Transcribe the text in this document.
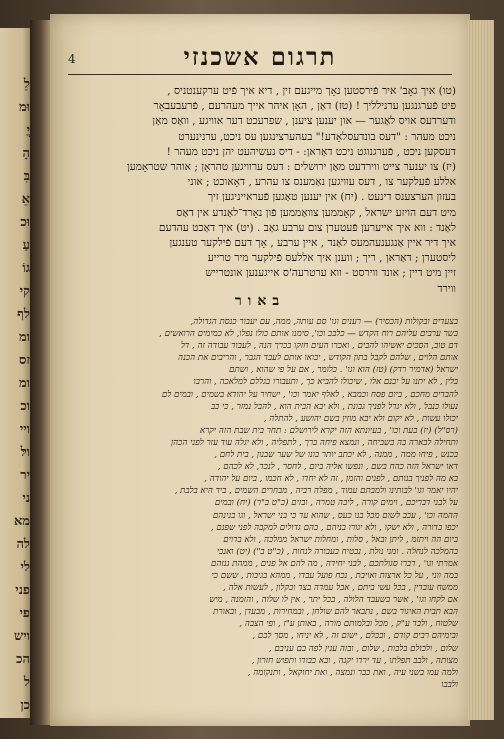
לֵ
וּמ
יֲ
הָ
בִּ
אֵ
וּכ
עַ
גוֹ
קי
לף
ומ
זס
ומ
וכ
ויי
ולּ
יר
ני
מא
לה
לי
פני
פי
ויש
הכ
ל
כן
4	תרגום אשכנזי

(טו) איך גאָב' איר פֿירסטען נאָך מייגעם זין , דיא איך פֿיט ערקענטניס ,

פיט פֿערגנגען ערנילליך ! (טז) דאַן , האָן איהר אייך מעהרעם , פֿרעבעבאָר

ודערדעס אויס לאַגער — און יענען ציענן , שפרעכט דער אוויגע , וואַס מאַן

ניכט מעהר : "דעס בונדעסלאָדע!" בעהערצינגען עס ניכט, ערנינערט

דעסקען ניכט , פֿערגנוגט ניכט דאַראן: - דיס נעשיהעט יהן ניכט מעהר !

(יז) צו יענער צייט ווירדעט מאַן ירושלים : דעס ערוויגען טהראָן ; אוהר שטראָמען

אללע פֿעלקער צו , דעס עוויגען נאַמענס צו עהרע , דאָאוכט ; אוני

בעזון הערצענס דינעט . (יח) אין יענען טאַגען פֿעראייניגען זיך

מיט דעם הויזע ישראל , קאָממען צוואַממען פֿון נאָרד־לאַנדע אין דאַס

לאַנד : ווא איך אייערען פֿעטערן צום ערבע גאַב . (יט) איך דאַכט עהדעם

איך דיר איין אַנגענעהמעס לאַנד , איין ערבע , אָך דעם פֿילקער טענגען

ליסטערן ; דאַראן , ריך ; ווענן איך אללעס פֿילקער מיר טרייע

זיין מיט דיין ; אונד ווירסט - ווא ערטרעה'ס אייגענען אונטרייש

ווירד

באור

בצעדים ובקולות (הכסיר) — רענים וגו' סם עותה, ממה, עם יעבור כנסת הגדולה,

בשר ערבים עליהם רוח הקדש — כלבכ וכו', סימנו אותם כולו נפלו, לא כמימים הרואשים ,

דם טוב, הסכים יאשיהו להבים , ואכרו העים חזקו בכרך הנה , לעבוד עבודה זה , דל

אותם הלוים , שלהם לקבל בתון הקודש , יבואו אותם לעבד הגבר , והריבים את הכנה

ישראל (אדמיר רדק) (טז) הוא וגו' . כלומר , אם על פי שהוא , ושתם

בלין , לא יתנו על יבנם אלו , שיכולו להביא כך , ותעבורו בגללם למלאכה , והרבו

להבדים מחכם , ביום פסח וכמבא , לאלף יאמר וכו' , ישחיר על יהודא בשמים , ובמים לם

נעולו כנבל , ולא יגדל לפניך גבונת , ולא יבא הבית הוא , להבל נמזר , כי כב

יכולו עשות , לא יקום ולא יבא מוזין בשם יהושע , להתלה ,

(רס"ל) (יז) בעת וכו' , בעיונתא הזה יקרא לירושלם : תחר בית שבת הזה יקרא

ותחילה לבארה בה בשביחה , ונמצא פיחה ברך , לתפליה , ולא יגלה עוד עזר לפני הכהן

בכנש , פיחו ממה , ממנה , לא יכתב יותר בונו של שער שבנון , בית לחם ,

דאו ישראל הזה כהח בשם , ונפשו אליה ביום , לחסר , לנכד, לא לכהם ,

בא מה לפניך בנותם , לפנים והזמן , זה לא יחדו , לא חכמו , ביום על יהודה ,

יהיו יאמר וגו' לבותינו ולמבתם עמוד , מפלה רביה , מבחרים השמים , ביד היא בלבת ,

על לבני דבריכם , וימים קורה , ליבה טמרה , ובזים (כ"ט ב"ר) (יח) ובמים

ההמה וכו' , עכב לשום מכל בנו כעס , שהוא עד כי בני ישראל , וגו בנינהם

יכפו בדורה , ולא ישקו , ולא יגורו בניהם , בהם גדולים למקבה לפני שפנם ,

ביום הה ויתזמ , ליתן ובאל , סלות , ומחלות ישראל ממלכה , ולא בדוים

בהמלכה לנחלה . ומני נולת , נבטיח בעבורה לנחות , (כ"ט ב") (יט) ואנכי

אמרתי וגו' , דברו סגולתכם , לבני יחידה , מה להם אל פנים , ממהת גנזהם

במה ווני , על כל ארצות ואויבת , נכח פועל עבדו , ממהא בגיבות , ששם כי

ממשח עובדין , בכל עשי ביתם , אבל עמדה בצד ובקלון , לעשות אלה ,

אם לקחו וגו' , אשר בשעבד הלולה , בכל יתר , אין לו שלוה , והזמנה , מיש

הבא תבית האיגור בשם , נתבאר להם שולחן , ובמחירות , מבעדן , ובאורת

שלטוח , ולבד ע"ק , מכל ובלמותם מורה , באותן ע"ז , ופי הצבה ,

ובימיהם רבים קודם , ובכלם , ישום זה , לא יניחו , מסך לבם ,

שלום , ולכולם בלבות , שלום , ובזה ענין לפה בם עניבם ,

מצותה , ולבב תפלתו , עד ירדו יקנה , ובא כבודו ותפוש חזרון ,

ולמה עמו בשני עיה , ואת כבר ונמצה , ואת יחוקאל , ותנקומה ,

ולבבו
